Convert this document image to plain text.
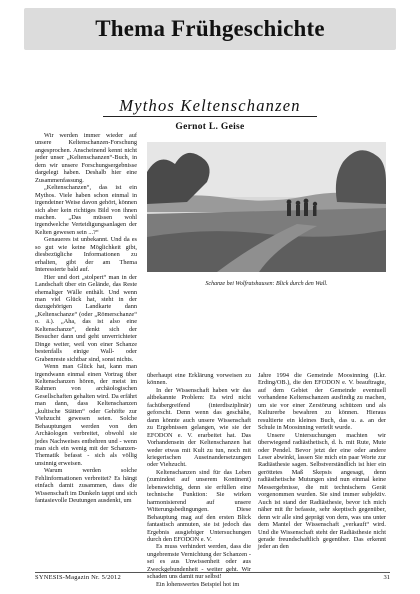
Thema Frühgeschichte
Mythos Keltenschanzen
Gernot L. Geise

Wir werden immer wieder auf unsere Keltenschanzen-Forschung angesprochen. Anscheinend kennt nicht jeder unser „Keltenschanzen“-Buch, in dem wir unsere Forschungsergebnisse dargelegt haben. Deshalb hier eine Zusammenfassung.

„Keltenschanzen“, das ist ein Mythos. Viele haben schon einmal in irgendeiner Weise davon gehört, können sich aber kein richtiges Bild von ihnen machen. „Das müssen wohl irgendwelche Verteidigungsanlagen der Kelten gewesen sein ...?“

Genaueres ist unbekannt. Und da es so gut wie keine Möglichkeit gibt, diesbezügliche Informationen zu erhalten, gibt der am Thema Interessierte bald auf.

Hier und dort „stolpert“ man in der Landschaft über ein Gelände, das Reste ehemaliger Wälle enthält. Und wenn man viel Glück hat, steht in der dazugehörigen Landkarte dann „Keltenschanze“ (oder „Römerschanze“ o. ä.). „Aha, das ist also eine Keltenschanze“, denkt sich der Besucher dann und geht unverrichteter Dinge weiter, weil von einer Schanze bestenfalls einige Wall- oder Grabenreste sichtbar sind, sonst nichts.

Wenn man Glück hat, kann man irgendwann einmal einen Vortrag über Keltenschanzen hören, der meist im Rahmen von archäologischen Gesellschaften gehalten wird. Da erfährt man dann, dass Keltenschanzen „kultische Stätten“ oder Gehöfte zur Viehzucht gewesen seien. Solche Behauptungen werden von den Archäologen verbreitet, obwohl sie jedes Nachweises entbehren und - wenn man sich ein wenig mit der Schanzen-Thematik befasst - sich als völlig unsinnig erweisen.

Warum werden solche Fehlinformationen verbreitet? Es hängt einfach damit zusammen, dass die Wissenschaft im Dunkeln tappt und sich fantasievolle Deutungen ausdenkt, um

Schanze bei Wolfratshausen: Blick durch den Wall.

überhaupt eine Erklärung vorweisen zu können.

In der Wissenschaft haben wir das altbekannte Problem: Es wird nicht fachübergreifend (interdisziplinär) geforscht. Denn wenn das geschähe, dann könnte auch unsere Wissenschaft zu Ergebnissen gelangen, wie sie der EFODON e. V. erarbeitet hat. Das Vorhandensein der Keltenschanzen hat weder etwas mit Kult zu tun, noch mit kriegerischen Auseinandersetzungen oder Viehzucht.

Keltenschanzen sind für das Leben (zumindest auf unserem Kontinent) lebenswichtig, denn sie erfüllen eine technische Funktion: Sie wirken harmonisierend auf unsere Witterungsbedingungen. Diese Behauptung mag auf den ersten Blick fantastisch anmuten, sie ist jedoch das Ergebnis ausgiebiger Untersuchungen durch den EFODON e. V.

Es muss verhindert werden, dass die ungebremste Vernichtung der Schanzen - sei es aus Unwissenheit oder aus Zweckgebundenheit - weiter geht. Wir schaden uns damit nur selbst!

Ein lohenswertes Beispiel hot im

Jahre 1994 die Gemeinde Moosinning (Lkr. Erding/OB.), die den EFODON e. V. beauftragte, auf dem Gebiet der Gemeinde eventuell vorhandene Keltenschanzen ausfindig zu machen, um sie vor einer Zerstörung schützen und als Kulturerbe bewahren zu können. Hieraus resultierte ein kleines Buch, das u. a. an der Schule in Moosinning verteilt wurde.

Unsere Untersuchungen machten wir überwiegend radiästhetisch, d. h. mit Rute, Mute oder Pendel. Bevor jetzt der eine oder andere Leser abwinkt, lassen Sie mich ein paar Worte zur Radiästhesie sagen. Selbstverständlich ist hier ein geröttetes Maß Skepsis angesagt, denn radiästhetische Mutungen sind nun einmal keine Messergebnisse, die mit technischem Gerät vorgenommen wurden. Sie sind immer subjektiv. Auch ist stand der Radiästhesie, bevor ich mich näher mit ihr befasste, sehr skeptisch gegenüber, denn wir alle sind geprägt von dem, was uns unter dem Mantel der Wissenschaft „verkauft“ wird. Und die Wissenschaft steht der Radiästhesie nicht gerade freundschaftlich gegenüber. Das erkennt jeder an den

SYNESIS-Magazin Nr. 5/2012	31
